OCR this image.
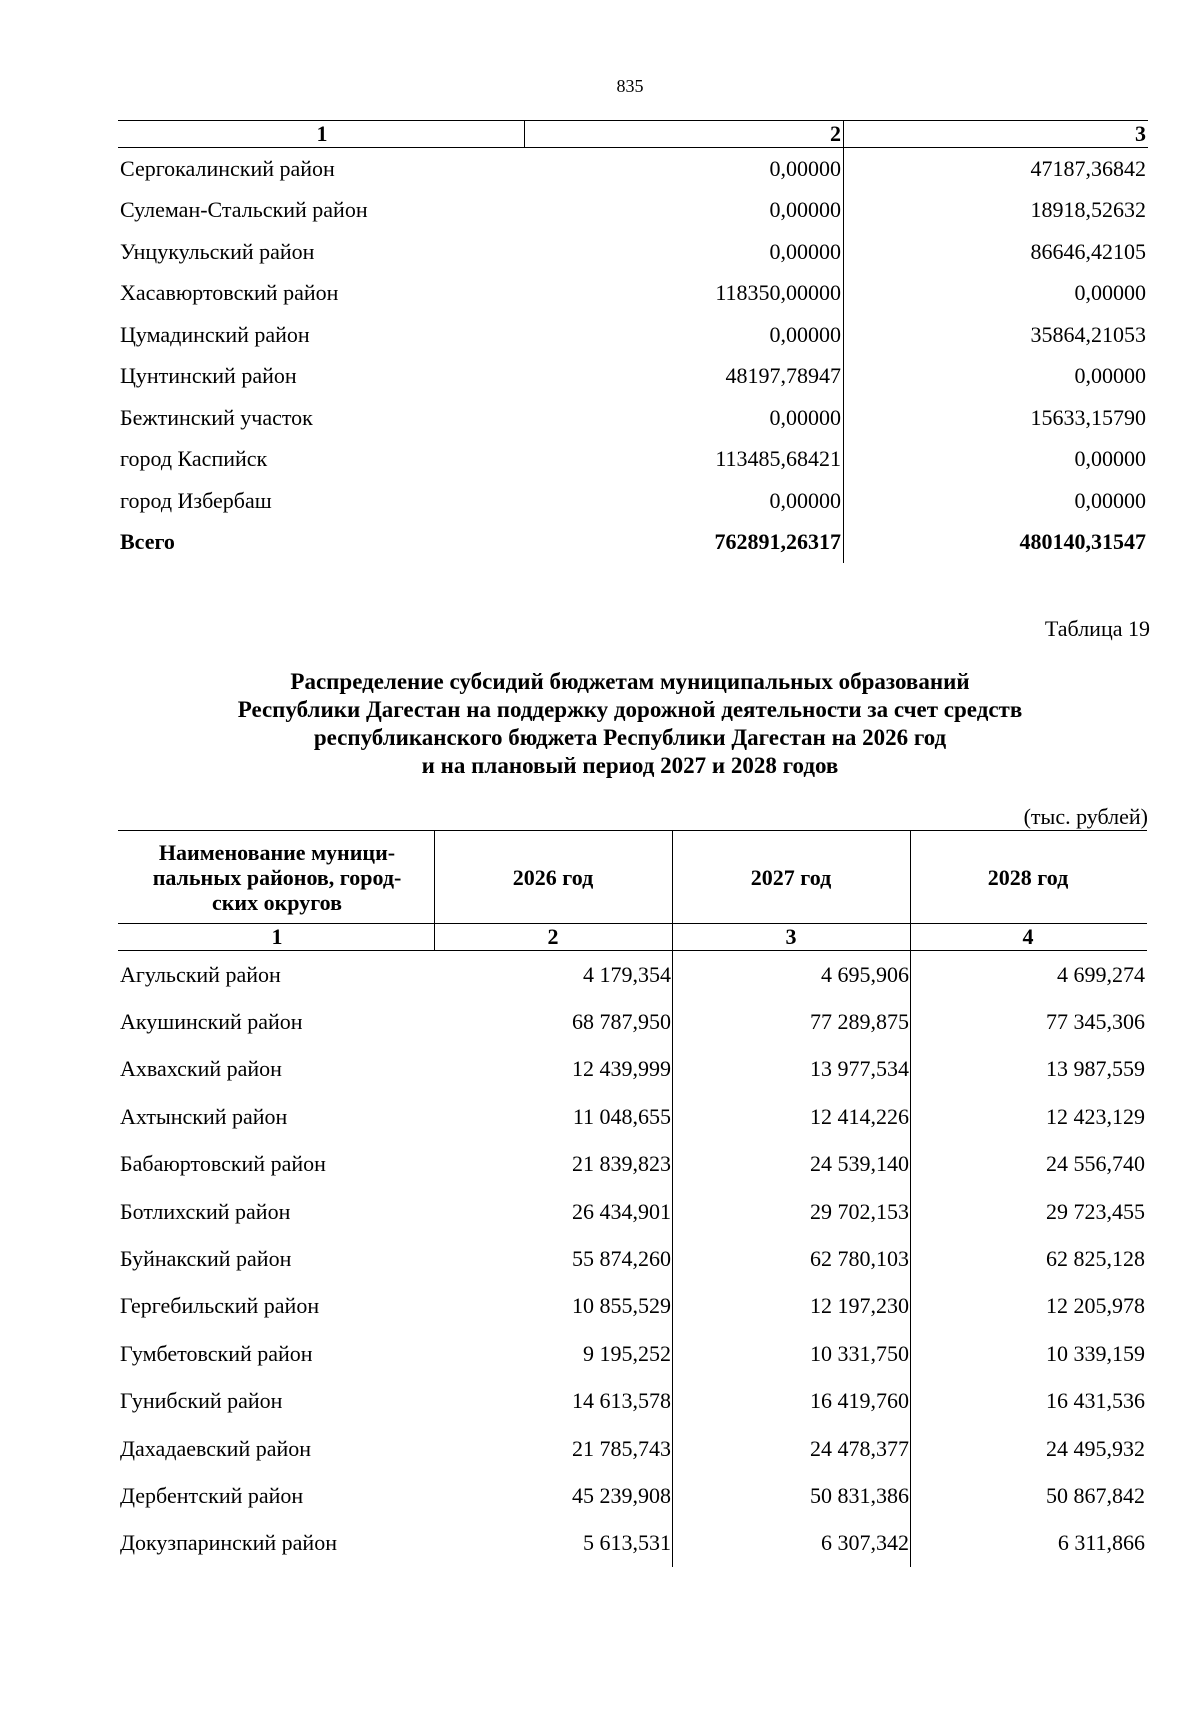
835
1	2	3
Сергокалинский район	0,00000	47187,36842
Сулеман-Стальский район	0,00000	18918,52632
Унцукульский район	0,00000	86646,42105
Хасавюртовский район	118350,00000	0,00000
Цумадинский район	0,00000	35864,21053
Цунтинский район	48197,78947	0,00000
Бежтинский участок	0,00000	15633,15790
город Каспийск	113485,68421	0,00000
город Избербаш	0,00000	0,00000
Всего	762891,26317	480140,31547
Таблица 19
Распределение субсидий бюджетам муниципальных образований
Республики Дагестан на поддержку дорожной деятельности за счет средств
республиканского бюджета Республики Дагестан на 2026 год
и на плановый период 2027 и 2028 годов
(тыс. рублей)
Наименование муници-
пальных районов, город-
ских округов	2026 год	2027 год	2028 год
1	2	3	4
Агульский район	4 179,354	4 695,906	4 699,274
Акушинский район	68 787,950	77 289,875	77 345,306
Ахвахский район	12 439,999	13 977,534	13 987,559
Ахтынский район	11 048,655	12 414,226	12 423,129
Бабаюртовский район	21 839,823	24 539,140	24 556,740
Ботлихский район	26 434,901	29 702,153	29 723,455
Буйнакский район	55 874,260	62 780,103	62 825,128
Гергебильский район	10 855,529	12 197,230	12 205,978
Гумбетовский район	9 195,252	10 331,750	10 339,159
Гунибский район	14 613,578	16 419,760	16 431,536
Дахадаевский район	21 785,743	24 478,377	24 495,932
Дербентский район	45 239,908	50 831,386	50 867,842
Докузпаринский район	5 613,531	6 307,342	6 311,866
